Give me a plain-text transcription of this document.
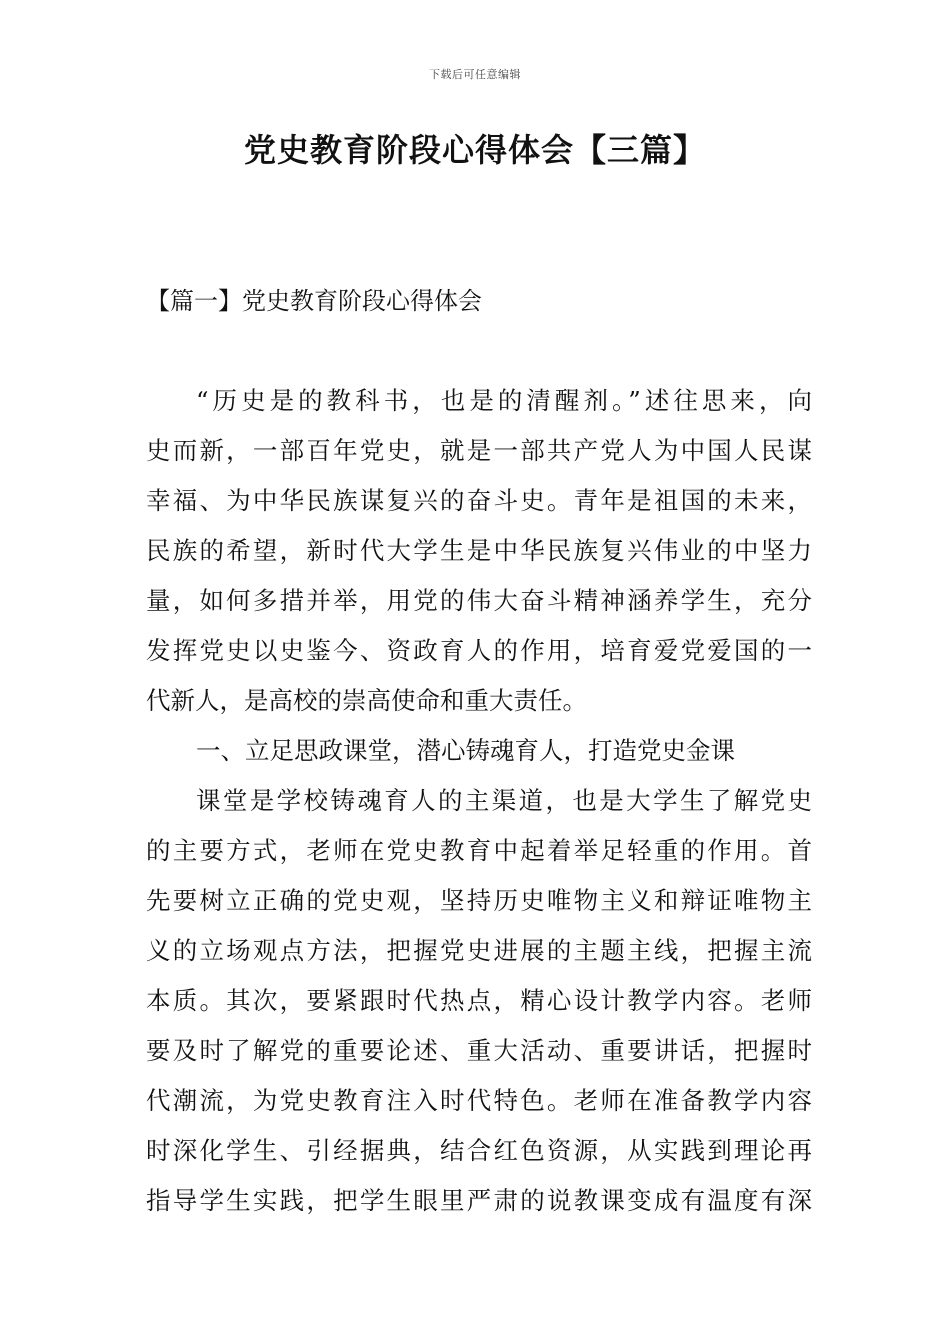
下载后可任意编辑
党史教育阶段心得体会【三篇】
【篇一】党史教育阶段心得体会
“历史是的教科书，也是的清醒剂。”述往思来，向
史而新，一部百年党史，就是一部共产党人为中国人民谋
幸福、为中华民族谋复兴的奋斗史。青年是祖国的未来，
民族的希望，新时代大学生是中华民族复兴伟业的中坚力
量，如何多措并举，用党的伟大奋斗精神涵养学生，充分
发挥党史以史鉴今、资政育人的作用，培育爱党爱国的一
代新人，是高校的崇高使命和重大责任。
一、立足思政课堂，潜心铸魂育人，打造党史金课
课堂是学校铸魂育人的主渠道，也是大学生了解党史
的主要方式，老师在党史教育中起着举足轻重的作用。首
先要树立正确的党史观，坚持历史唯物主义和辩证唯物主
义的立场观点方法，把握党史进展的主题主线，把握主流
本质。其次，要紧跟时代热点，精心设计教学内容。老师
要及时了解党的重要论述、重大活动、重要讲话，把握时
代潮流，为党史教育注入时代特色。老师在准备教学内容
时深化学生、引经据典，结合红色资源，从实践到理论再
指导学生实践，把学生眼里严肃的说教课变成有温度有深
